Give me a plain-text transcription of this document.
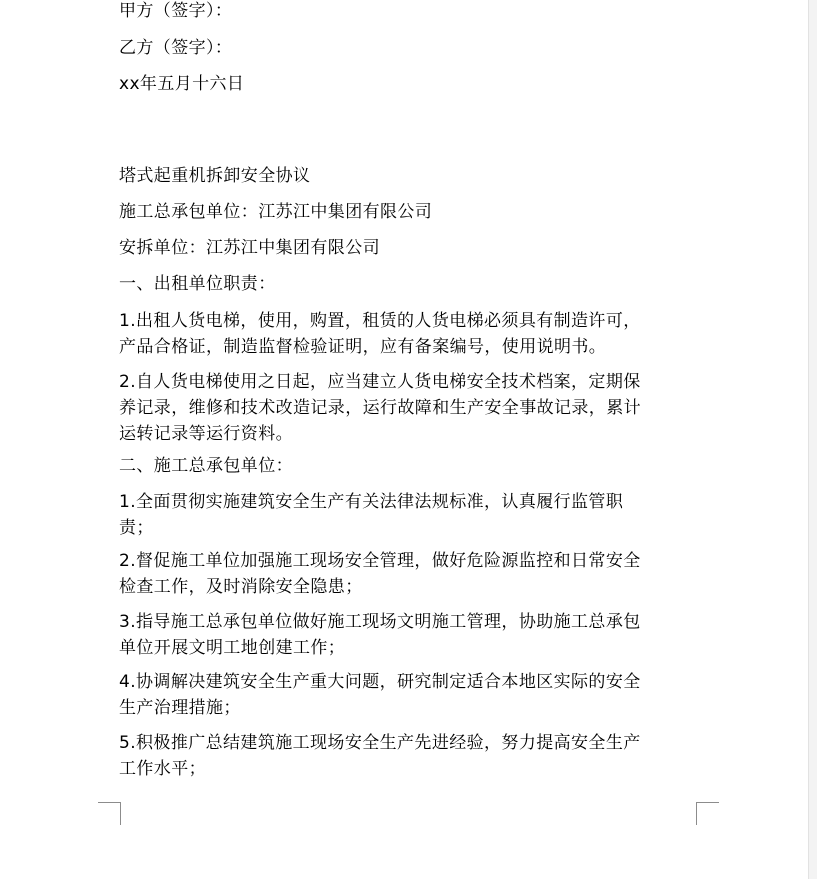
甲方（签字）：
乙方（签字）：
xx年五月十六日
塔式起重机拆卸安全协议
施工总承包单位：江苏江中集团有限公司
安拆单位：江苏江中集团有限公司
一、出租单位职责：
1.出租人货电梯，使用，购置，租赁的人货电梯必须具有制造许可，
产品合格证，制造监督检验证明，应有备案编号，使用说明书。
2.自人货电梯使用之日起，应当建立人货电梯安全技术档案，定期保
养记录，维修和技术改造记录，运行故障和生产安全事故记录，累计
运转记录等运行资料。
二、施工总承包单位：
1.全面贯彻实施建筑安全生产有关法律法规标准，认真履行监管职
责；
2.督促施工单位加强施工现场安全管理，做好危险源监控和日常安全
检查工作，及时消除安全隐患；
3.指导施工总承包单位做好施工现场文明施工管理，协助施工总承包
单位开展文明工地创建工作；
4.协调解决建筑安全生产重大问题，研究制定适合本地区实际的安全
生产治理措施；
5.积极推广总结建筑施工现场安全生产先进经验，努力提高安全生产
工作水平；
